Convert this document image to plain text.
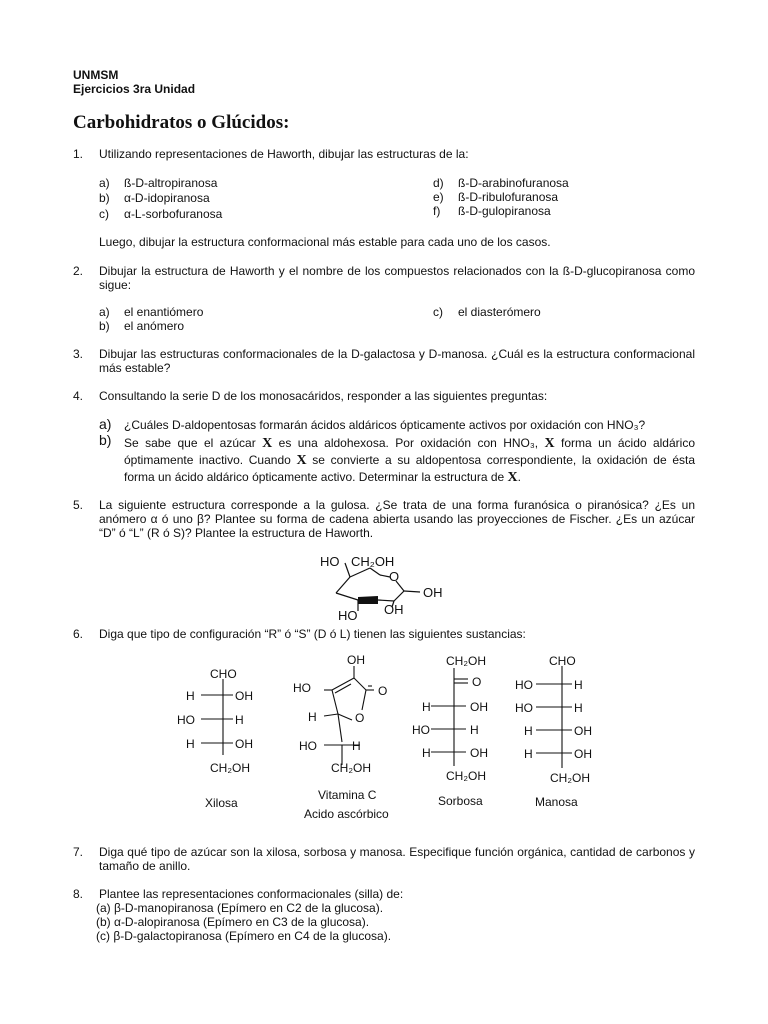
UNMSM
Ejercicios 3ra Unidad
Carbohidratos o Glúcidos:
1. Utilizando representaciones de Haworth, dibujar las estructuras de la:
a) ß-D-altropiranosa
b) α-D-idopiranosa
c) α-L-sorbofuranosa
d) ß-D-arabinofuranosa
e) ß-D-ribulofuranosa
f) ß-D-gulopiranosa
Luego, dibujar la estructura conformacional más estable para cada uno de los casos.
2. Dibujar la estructura de Haworth y el nombre de los compuestos relacionados con la ß-D-glucopiranosa como sigue:
a) el enantiómero
b) el anómero
c) el diasterómero
3. Dibujar las estructuras conformacionales de la D-galactosa y D-manosa. ¿Cuál es la estructura conformacional más estable?
4. Consultando la serie D de los monosacáridos, responder a las siguientes preguntas:
a) ¿Cuáles D-aldopentosas formarán ácidos aldáricos ópticamente activos por oxidación con HNO₃?
b) Se sabe que el azúcar X es una aldohexosa. Por oxidación con HNO₃, X forma un ácido aldárico óptimamente inactivo. Cuando X se convierte a su aldopentosa correspondiente, la oxidación de ésta forma un ácido aldárico ópticamente activo. Determinar la estructura de X.
5. La siguiente estructura corresponde a la gulosa. ¿Se trata de una forma furanósica o piranósica? ¿Es un anómero α ó uno β? Plantee su forma de cadena abierta usando las proyecciones de Fischer. ¿Es un azúcar “D” ó “L” (R ó S)? Plantee la estructura de Haworth.
HO CH₂OH
O
OH
HO OH
6. Diga que tipo de configuración “R” ó “S” (D ó L) tienen las siguientes sustancias:
CHO
H	OH
HO	H
H	OH
CH₂OH
Xilosa
OH
HO	O
H	O
HO	H
CH₂OH
Vitamina C
Acido ascórbico
CH₂OH
O
H	OH
HO	H
H	OH
CH₂OH
Sorbosa
CHO
HO	H
HO	H
H	OH
H	OH
CH₂OH
Manosa
7. Diga qué tipo de azúcar son la xilosa, sorbosa y manosa. Especifique función orgánica, cantidad de carbonos y tamaño de anillo.
8. Plantee las representaciones conformacionales (silla) de:
(a) β-D-manopiranosa (Epímero en C2 de la glucosa).
(b) α-D-alopiranosa (Epímero en C3 de la glucosa).
(c) β-D-galactopiranosa (Epímero en C4 de la glucosa).
